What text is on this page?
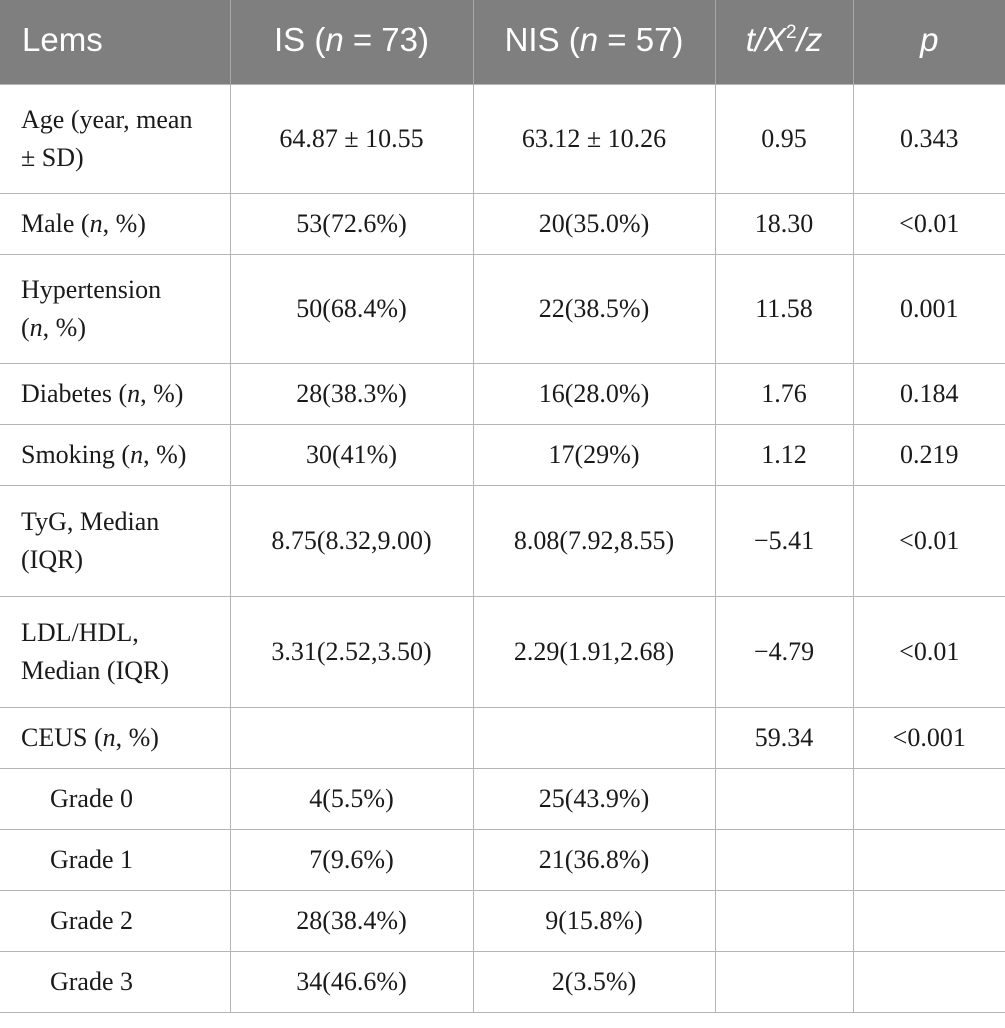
Lems	IS (n = 73)	NIS (n = 57)	$t/X^2/z$	p
Age (year, mean
± SD)	64.87 ± 10.55	63.12 ± 10.26	0.95	0.343
Male (n, %)	53(72.6%)	20(35.0%)	18.30	<0.01
Hypertension
(n, %)	50(68.4%)	22(38.5%)	11.58	0.001
Diabetes (n, %)	28(38.3%)	16(28.0%)	1.76	0.184
Smoking (n, %)	30(41%)	17(29%)	1.12	0.219
TyG, Median
(IQR)	8.75(8.32,9.00)	8.08(7.92,8.55)	−5.41	<0.01
LDL/HDL,
Median (IQR)	3.31(2.52,3.50)	2.29(1.91,2.68)	−4.79	<0.01
CEUS (n, %)			59.34	<0.001
Grade 0	4(5.5%)	25(43.9%)		
Grade 1	7(9.6%)	21(36.8%)		
Grade 2	28(38.4%)	9(15.8%)		
Grade 3	34(46.6%)	2(3.5%)		
